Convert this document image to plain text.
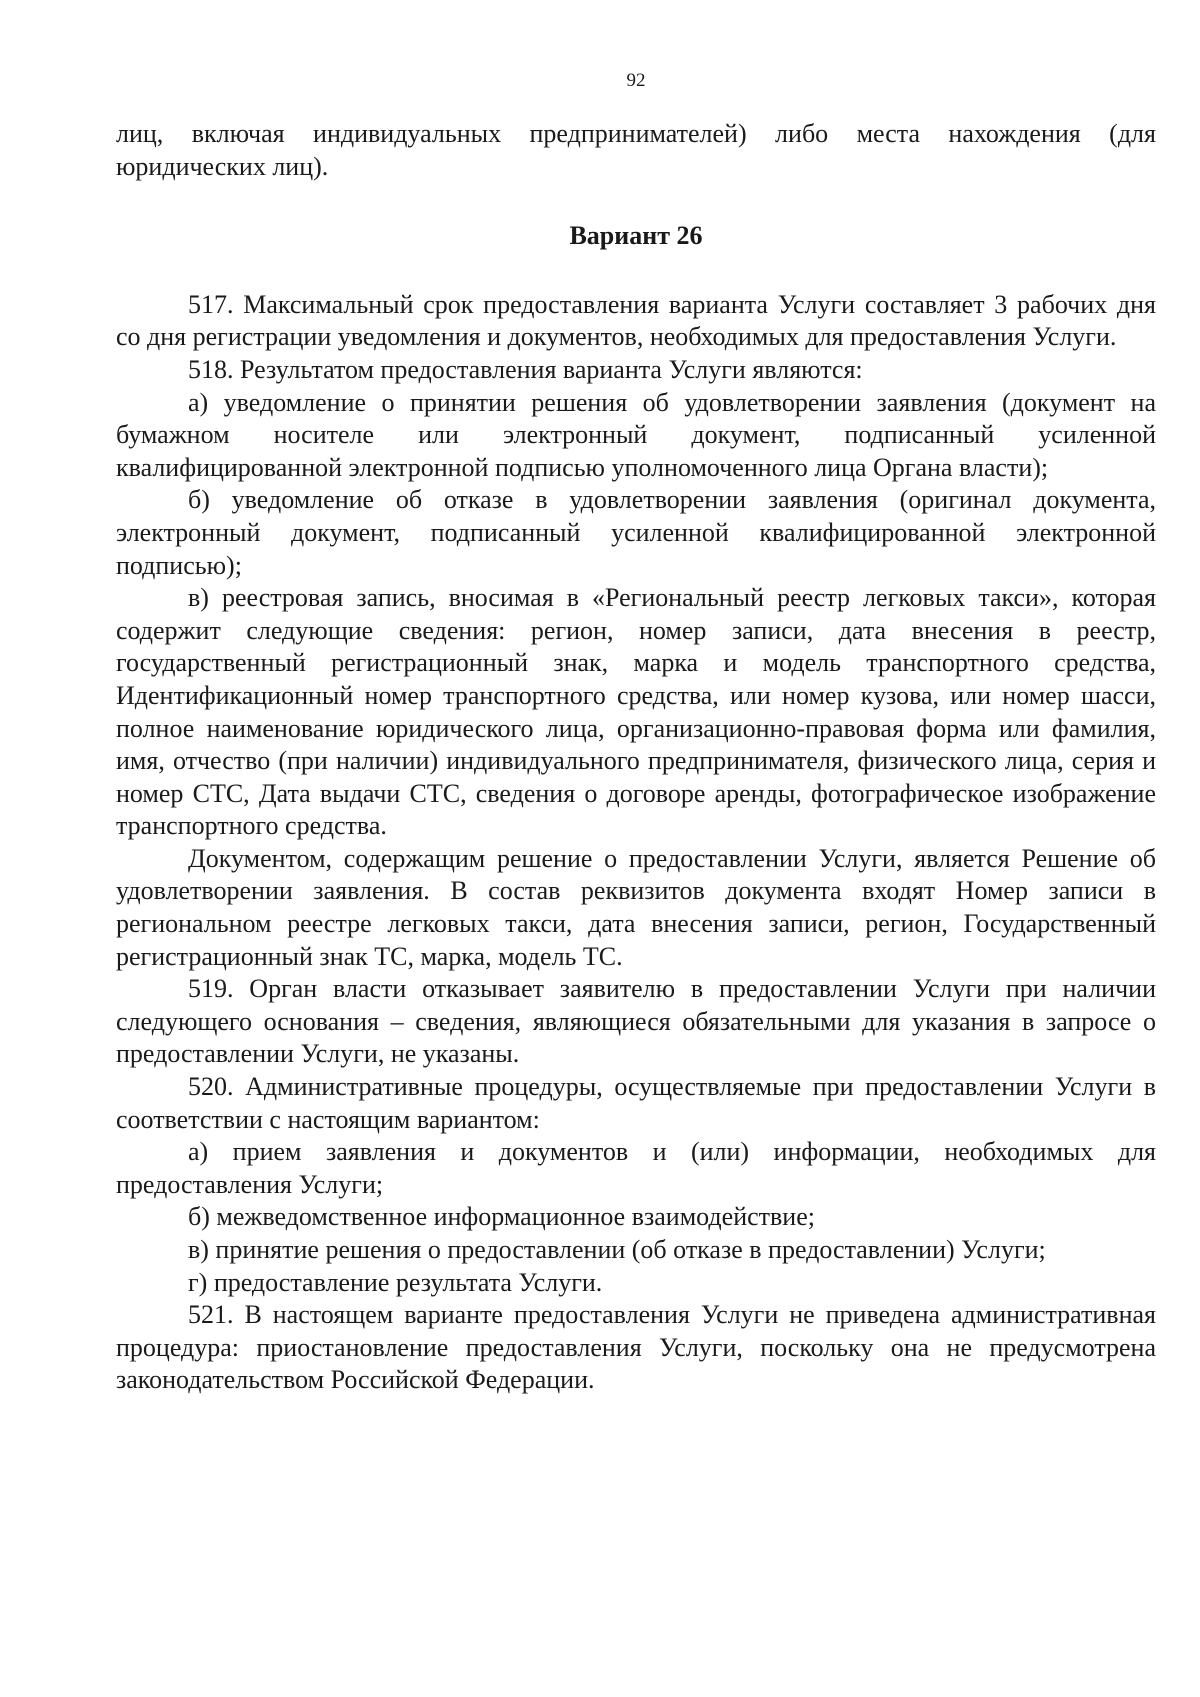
92

лиц, включая индивидуальных предпринимателей) либо места нахождения (для юридических лиц).

Вариант 26

517. Максимальный срок предоставления варианта Услуги составляет 3 рабочих дня со дня регистрации уведомления и документов, необходимых для предоставления Услуги.

518. Результатом предоставления варианта Услуги являются:

а) уведомление о принятии решения об удовлетворении заявления (документ на бумажном носителе или электронный документ, подписанный усиленной квалифицированной электронной подписью уполномоченного лица Органа власти);

б) уведомление об отказе в удовлетворении заявления (оригинал документа, электронный документ, подписанный усиленной квалифицированной электронной подписью);

в) реестровая запись, вносимая в «Региональный реестр легковых такси», которая содержит следующие сведения: регион, номер записи, дата внесения в реестр, государственный регистрационный знак, марка и модель транспортного средства, Идентификационный номер транспортного средства, или номер кузова, или номер шасси, полное наименование юридического лица, организационно-правовая форма или фамилия, имя, отчество (при наличии) индивидуального предпринимателя, физического лица, серия и номер СТС, Дата выдачи СТС, сведения о договоре аренды, фотографическое изображение транспортного средства.

Документом, содержащим решение о предоставлении Услуги, является Решение об удовлетворении заявления. В состав реквизитов документа входят Номер записи в региональном реестре легковых такси, дата внесения записи, регион, Государственный регистрационный знак ТС, марка, модель ТС.

519. Орган власти отказывает заявителю в предоставлении Услуги при наличии следующего основания – сведения, являющиеся обязательными для указания в запросе о предоставлении Услуги, не указаны.

520. Административные процедуры, осуществляемые при предоставлении Услуги в соответствии с настоящим вариантом:

а) прием заявления и документов и (или) информации, необходимых для предоставления Услуги;

б) межведомственное информационное взаимодействие;

в) принятие решения о предоставлении (об отказе в предоставлении) Услуги;

г) предоставление результата Услуги.

521. В настоящем варианте предоставления Услуги не приведена административная процедура: приостановление предоставления Услуги, поскольку она не предусмотрена законодательством Российской Федерации.
